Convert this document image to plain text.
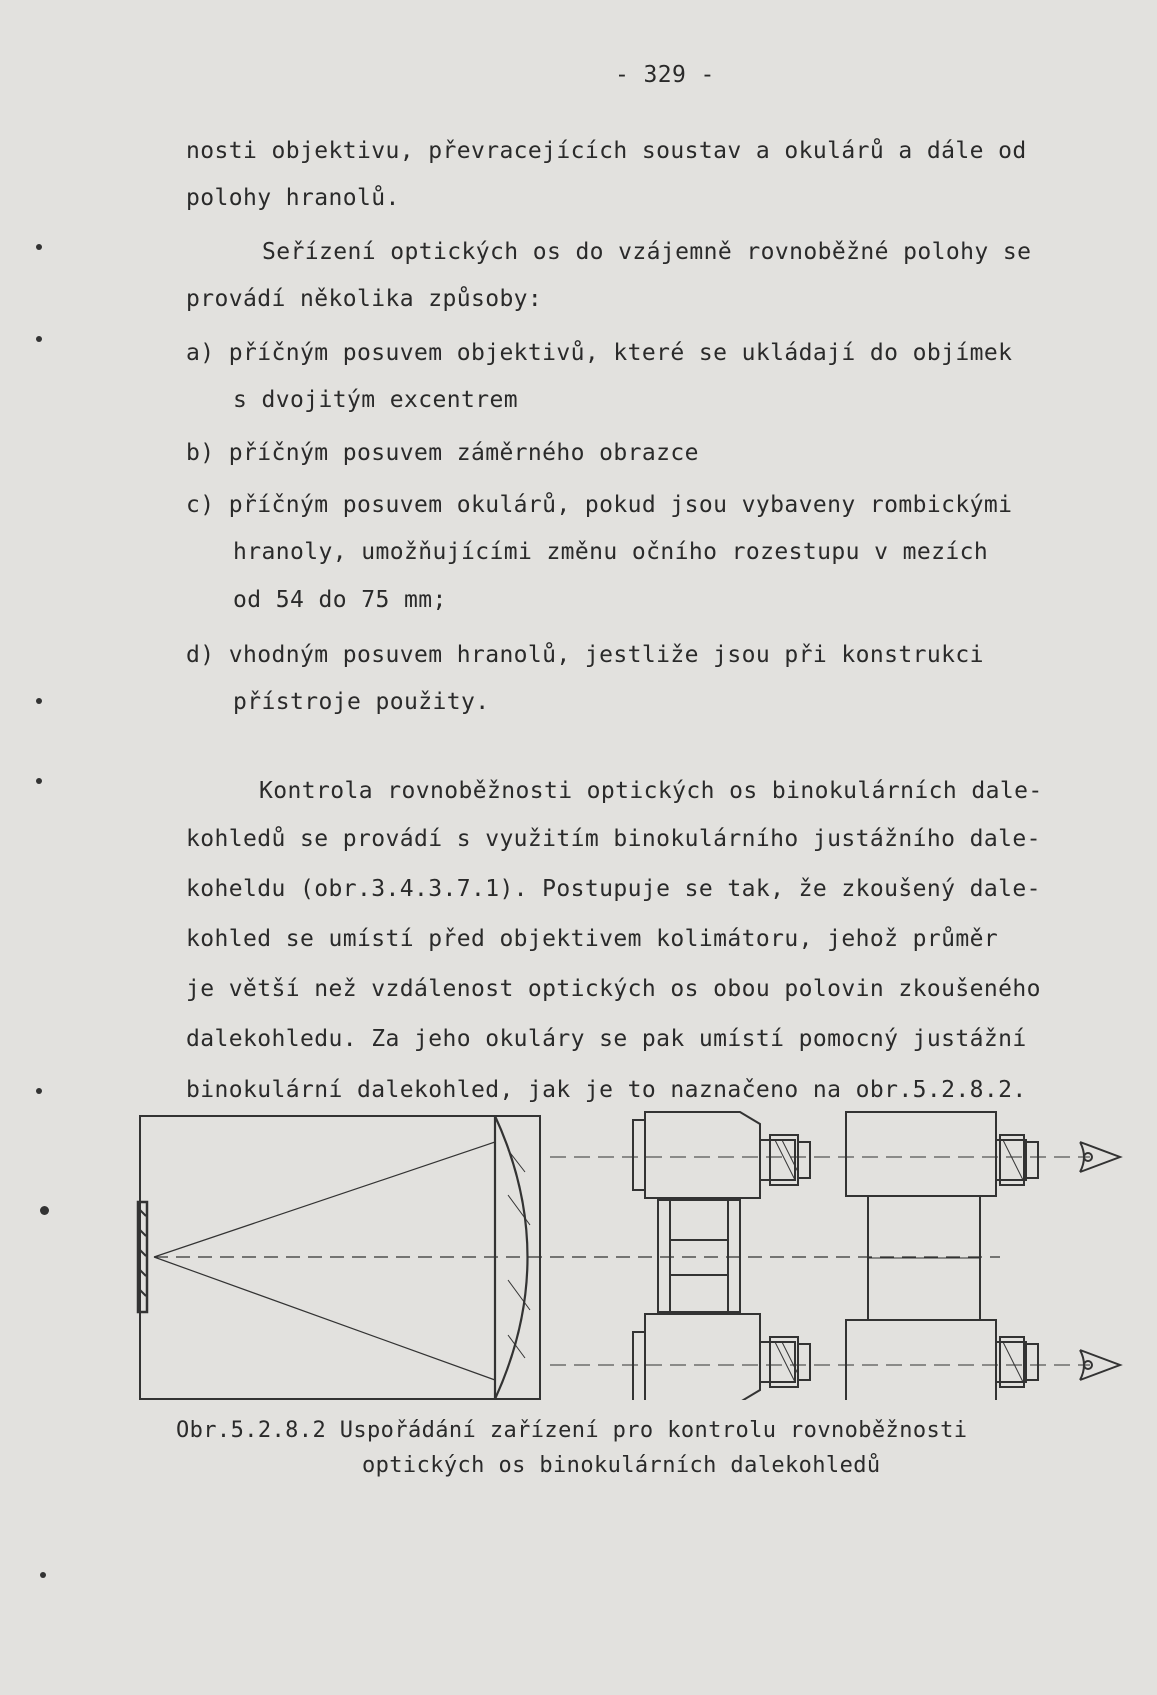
- 329 -
nosti objektivu, převracejících soustav a okulárů a dále od
polohy hranolů.
Seřízení optických os do vzájemně rovnoběžné polohy se
provádí několika způsoby:
a) příčným posuvem objektivů, které se ukládají do objímek
s dvojitým excentrem
b) příčným posuvem záměrného obrazce
c) příčným posuvem okulárů, pokud jsou vybaveny rombickými
hranoly, umožňujícími změnu očního rozestupu v mezích
od 54 do 75 mm;
d) vhodným posuvem hranolů, jestliže jsou při konstrukci
přístroje použity.
Kontrola rovnoběžnosti optických os binokulárních dale-
kohledů se provádí s využitím binokulárního justážního dale-
koheldu (obr.3.4.3.7.1). Postupuje se tak, že zkoušený dale-
kohled se umístí před objektivem kolimátoru, jehož průměr
je větší než vzdálenost optických os obou polovin zkoušeného
dalekohledu. Za jeho okuláry se pak umístí pomocný justážní
binokulární dalekohled, jak je to naznačeno na obr.5.2.8.2.
Obr.5.2.8.2 Uspořádání zařízení pro kontrolu rovnoběžnosti
optických os binokulárních dalekohledů
